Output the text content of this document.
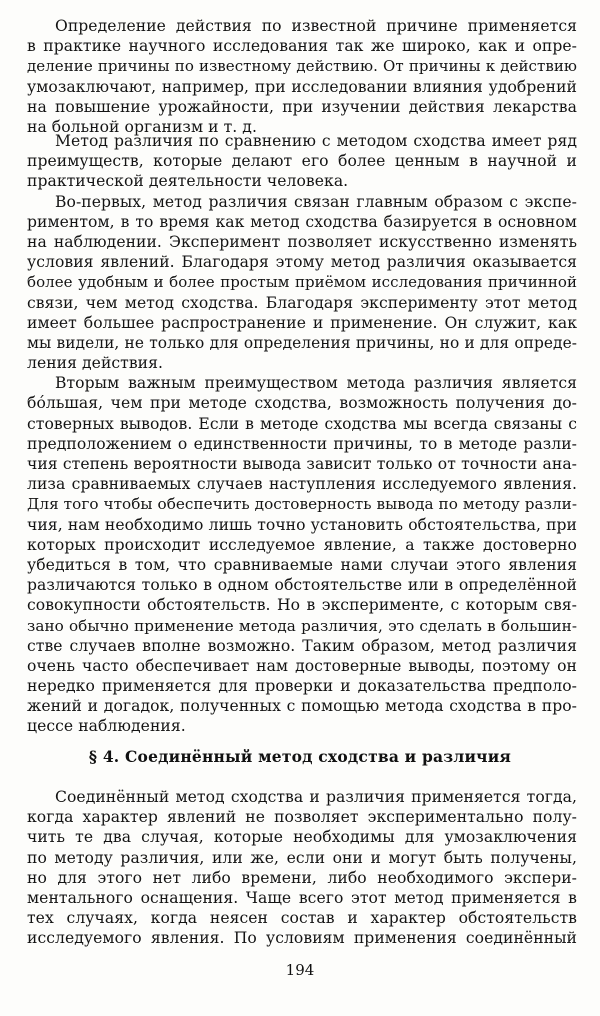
Определение действия по известной причине применяется
в практике научного исследования так же широко, как и опре-
деление причины по известному действию. От причины к действию
умозаключают, например, при исследовании влияния удобрений
на повышение урожайности, при изучении действия лекарства
на больной организм и т. д.
Метод различия по сравнению с методом сходства имеет ряд
преимуществ, которые делают его более ценным в научной и
практической деятельности человека.
Во-первых, метод различия связан главным образом с экспе-
риментом, в то время как метод сходства базируется в основном
на наблюдении. Эксперимент позволяет искусственно изменять
условия явлений. Благодаря этому метод различия оказывается
более удобным и более простым приёмом исследования причинной
связи, чем метод сходства. Благодаря эксперименту этот метод
имеет большее распространение и применение. Он служит, как
мы видели, не только для определения причины, но и для опреде-
ления действия.
Вторым важным преимуществом метода различия является
бóльшая, чем при методе сходства, возможность получения до-
стоверных выводов. Если в методе сходства мы всегда связаны с
предположением о единственности причины, то в методе разли-
чия степень вероятности вывода зависит только от точности ана-
лиза сравниваемых случаев наступления исследуемого явления.
Для того чтобы обеспечить достоверность вывода по методу разли-
чия, нам необходимо лишь точно установить обстоятельства, при
которых происходит исследуемое явление, а также достоверно
убедиться в том, что сравниваемые нами случаи этого явления
различаются только в одном обстоятельстве или в определённой
совокупности обстоятельств. Но в эксперименте, с которым свя-
зано обычно применение метода различия, это сделать в большин-
стве случаев вполне возможно. Таким образом, метод различия
очень часто обеспечивает нам достоверные выводы, поэтому он
нередко применяется для проверки и доказательства предполо-
жений и догадок, полученных с помощью метода сходства в про-
цессе наблюдения.
§ 4. Соединённый метод сходства и различия
Соединённый метод сходства и различия применяется тогда,
когда характер явлений не позволяет экспериментально полу-
чить те два случая, которые необходимы для умозаключения
по методу различия, или же, если они и могут быть получены,
но для этого нет либо времени, либо необходимого экспери-
ментального оснащения. Чаще всего этот метод применяется в
тех случаях, когда неясен состав и характер обстоятельств
исследуемого явления. По условиям применения соединённый
194
